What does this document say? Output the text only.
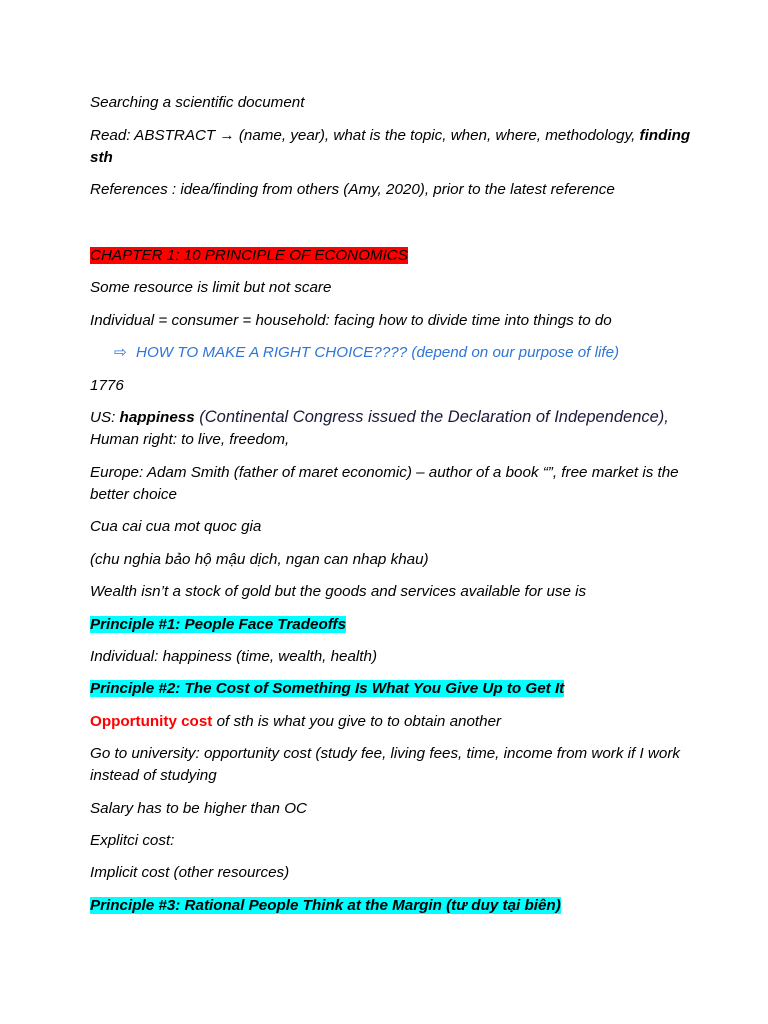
Searching a scientific document
Read: ABSTRACT → (name, year), what is the topic, when, where, methodology, finding
sth
References : idea/finding from others (Amy, 2020), prior to the latest reference
CHAPTER 1: 10 PRINCIPLE OF ECONOMICS
Some resource is limit but not scare
Individual = consumer = household: facing how to divide time into things to do
⇨ HOW TO MAKE A RIGHT CHOICE???? (depend on our purpose of life)
1776
US: happiness (Continental Congress issued the Declaration of Independence),
Human right: to live, freedom,
Europe: Adam Smith (father of maret economic) – author of a book “”, free market is the
better choice
Cua cai cua mot quoc gia
(chu nghia bảo hộ mậu dịch, ngan can nhap khau)
Wealth isn’t a stock of gold but the goods and services available for use is
Principle #1: People Face Tradeoffs
Individual: happiness (time, wealth, health)
Principle #2: The Cost of Something Is What You Give Up to Get It
Opportunity cost of sth is what you give to to obtain another
Go to university: opportunity cost (study fee, living fees, time, income from work if I work
instead of studying
Salary has to be higher than OC
Explitci cost:
Implicit cost (other resources)
Principle #3: Rational People Think at the Margin (tư duy tại biên)
